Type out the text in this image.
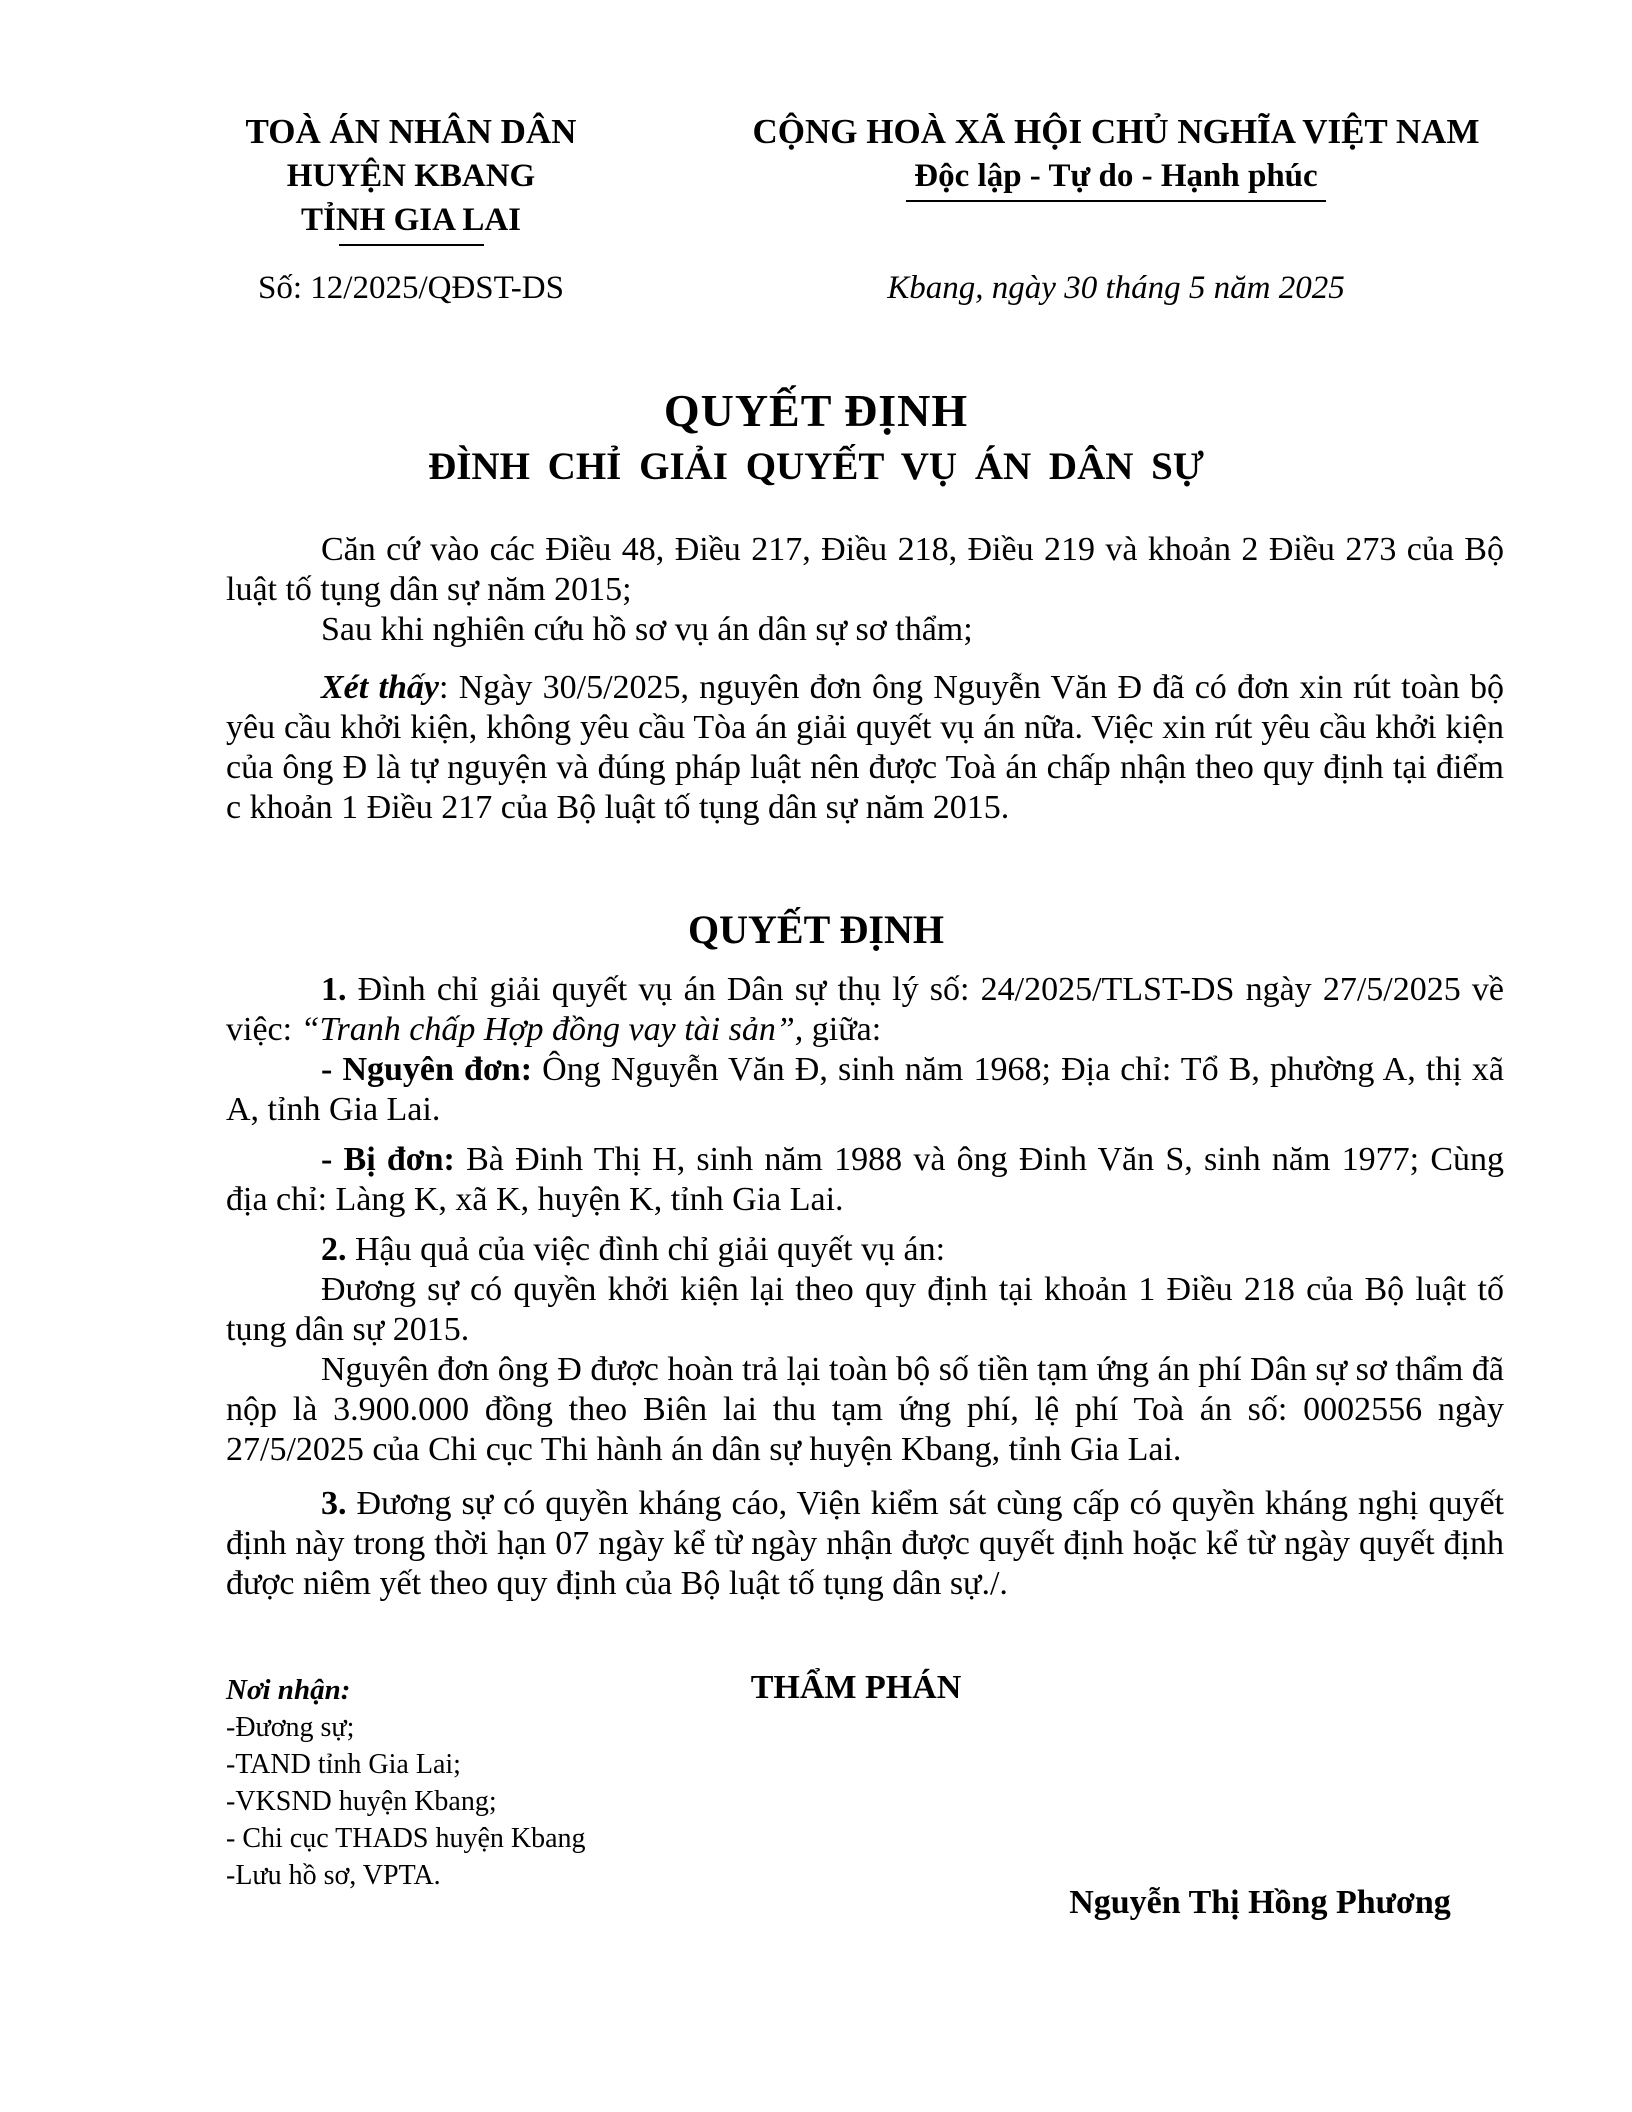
TOÀ ÁN NHÂN DÂN
HUYỆN KBANG
TỈNH GIA LAI
CỘNG HOÀ XÃ HỘI CHỦ NGHĨA VIỆT NAM
Độc lập - Tự do - Hạnh phúc
Số: 12/2025/QĐST-DS	Kbang, ngày 30 tháng 5 năm 2025
QUYẾT ĐỊNH
ĐÌNH CHỈ GIẢI QUYẾT VỤ ÁN DÂN SỰ

Căn cứ vào các Điều 48, Điều 217, Điều 218, Điều 219 và khoản 2 Điều 273 của Bộ luật tố tụng dân sự năm 2015;

Sau khi nghiên cứu hồ sơ vụ án dân sự sơ thẩm;

Xét thấy: Ngày 30/5/2025, nguyên đơn ông Nguyễn Văn Đ đã có đơn xin rút toàn bộ yêu cầu khởi kiện, không yêu cầu Tòa án giải quyết vụ án nữa. Việc xin rút yêu cầu khởi kiện của ông Đ là tự nguyện và đúng pháp luật nên được Toà án chấp nhận theo quy định tại điểm c khoản 1 Điều 217 của Bộ luật tố tụng dân sự năm 2015.

QUYẾT ĐỊNH

1. Đình chỉ giải quyết vụ án Dân sự thụ lý số: 24/2025/TLST-DS ngày 27/5/2025 về việc: “Tranh chấp Hợp đồng vay tài sản”, giữa:

- Nguyên đơn: Ông Nguyễn Văn Đ, sinh năm 1968; Địa chỉ: Tổ B, phường A, thị xã A, tỉnh Gia Lai.

- Bị đơn: Bà Đinh Thị H, sinh năm 1988 và ông Đinh Văn S, sinh năm 1977; Cùng địa chỉ: Làng K, xã K, huyện K, tỉnh Gia Lai.

2. Hậu quả của việc đình chỉ giải quyết vụ án:

Đương sự có quyền khởi kiện lại theo quy định tại khoản 1 Điều 218 của Bộ luật tố tụng dân sự 2015.

Nguyên đơn ông Đ được hoàn trả lại toàn bộ số tiền tạm ứng án phí Dân sự sơ thẩm đã nộp là 3.900.000 đồng theo Biên lai thu tạm ứng phí, lệ phí Toà án số: 0002556 ngày 27/5/2025 của Chi cục Thi hành án dân sự huyện Kbang, tỉnh Gia Lai.

3. Đương sự có quyền kháng cáo, Viện kiểm sát cùng cấp có quyền kháng nghị quyết định này trong thời hạn 07 ngày kể từ ngày nhận được quyết định hoặc kể từ ngày quyết định được niêm yết theo quy định của Bộ luật tố tụng dân sự./.

Nơi nhận:
-Đương sự;
-TAND tỉnh Gia Lai;
-VKSND huyện Kbang;
- Chi cục THADS huyện Kbang
-Lưu hồ sơ, VPTA.
THẨM PHÁN
Nguyễn Thị Hồng Phương
